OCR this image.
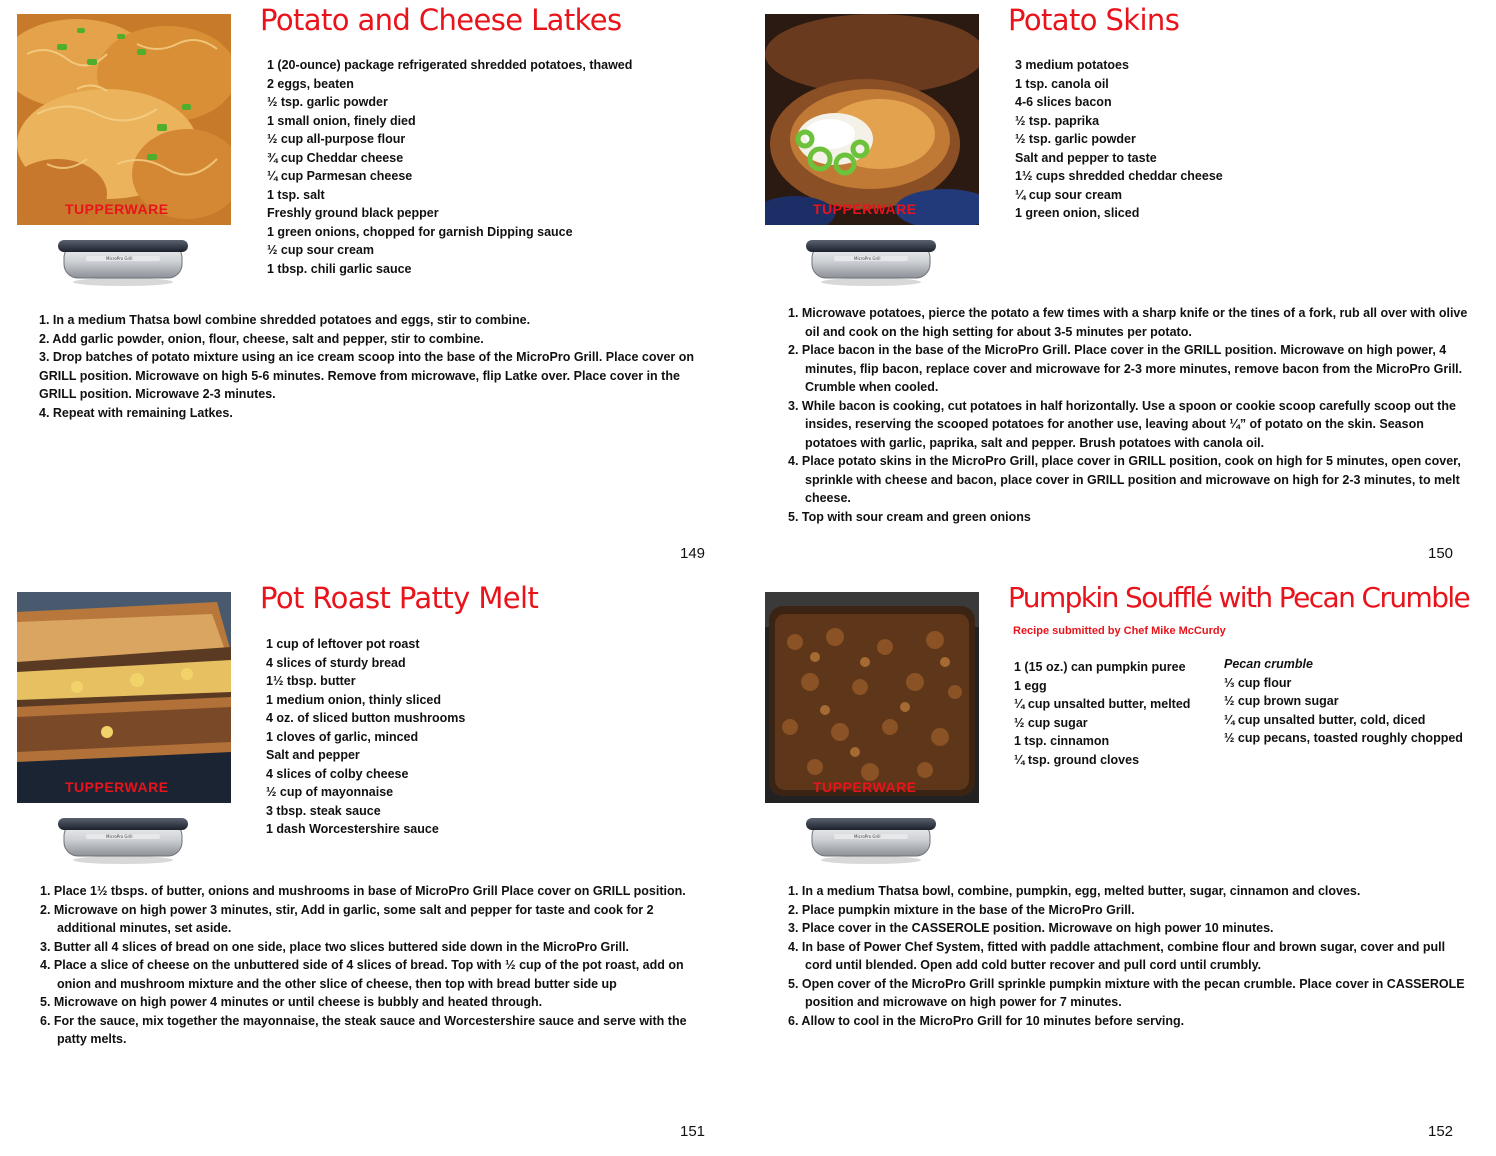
TUPPERWARE
Potato and Cheese Latkes
1 (20-ounce) package refrigerated shredded potatoes, thawed
2 eggs, beaten
½ tsp. garlic powder
1 small onion, finely died
½ cup all-purpose flour
¾ cup Cheddar cheese
¼ cup Parmesan cheese
1 tsp. salt
Freshly ground black pepper
1 green onions, chopped for garnish Dipping sauce
½ cup sour cream
1 tbsp. chili garlic sauce
1. In a medium Thatsa bowl combine shredded potatoes and eggs, stir to combine.
2. Add garlic powder, onion, flour, cheese, salt and pepper, stir to combine.
3. Drop batches of potato mixture using an ice cream scoop into the base of the MicroPro Grill. Place cover on GRILL position. Microwave on high 5-6 minutes. Remove from microwave, flip Latke over. Place cover in the
GRILL position. Microwave 2-3 minutes.
4. Repeat with remaining Latkes.
149
TUPPERWARE
Potato Skins
3 medium potatoes
1 tsp. canola oil
4-6 slices bacon
½ tsp. paprika
½ tsp. garlic powder
Salt and pepper to taste
1½ cups shredded cheddar cheese
¼ cup sour cream
1 green onion, sliced
1. Microwave potatoes, pierce the potato a few times with a sharp knife or the tines of a fork, rub all over with olive oil and cook on the high setting for about 3-5 minutes per potato.
2. Place bacon in the base of the MicroPro Grill. Place cover in the GRILL position. Microwave on high power, 4 minutes, flip bacon, replace cover and microwave for 2-3 more minutes, remove bacon from the MicroPro Grill. Crumble when cooled.
3. While bacon is cooking, cut potatoes in half horizontally. Use a spoon or cookie scoop carefully scoop out the insides, reserving the scooped potatoes for another use, leaving about ¼” of potato on the skin. Season potatoes with garlic, paprika, salt and pepper. Brush potatoes with canola oil.
4. Place potato skins in the MicroPro Grill, place cover in GRILL position, cook on high for 5 minutes, open cover, sprinkle with cheese and bacon, place cover in GRILL position and microwave on high for 2-3 minutes, to melt cheese.
5. Top with sour cream and green onions
150
TUPPERWARE
Pot Roast Patty Melt
1 cup of leftover pot roast
4 slices of sturdy bread
1½ tbsp. butter
1 medium onion, thinly sliced
4 oz. of sliced button mushrooms
1 cloves of garlic, minced
Salt and pepper
4 slices of colby cheese
½ cup of mayonnaise
3 tbsp. steak sauce
1 dash Worcestershire sauce
1. Place 1½ tbsps. of butter, onions and mushrooms in base of MicroPro Grill Place cover on GRILL position.
2. Microwave on high power 3 minutes, stir, Add in garlic, some salt and pepper for taste and cook for 2 additional minutes, set aside.
3. Butter all 4 slices of bread on one side, place two slices buttered side down in the MicroPro Grill.
4. Place a slice of cheese on the unbuttered side of 4 slices of bread. Top with ½ cup of the pot roast, add on onion and mushroom mixture and the other slice of cheese, then top with bread butter side up
5. Microwave on high power 4 minutes or until cheese is bubbly and heated through.
6. For the sauce, mix together the mayonnaise, the steak sauce and Worcestershire sauce and serve with the patty melts.
151
TUPPERWARE
Pumpkin Soufflé with Pecan Crumble
Recipe submitted by Chef Mike McCurdy
1 (15 oz.) can pumpkin puree
1 egg
¼ cup unsalted butter, melted
½ cup sugar
1 tsp. cinnamon
¼ tsp. ground cloves
Pecan crumble
⅓ cup flour
½ cup brown sugar
¼ cup unsalted butter, cold, diced
½ cup pecans, toasted roughly chopped
1. In a medium Thatsa bowl, combine, pumpkin, egg, melted butter, sugar, cinnamon and cloves.
2. Place pumpkin mixture in the base of the MicroPro Grill.
3. Place cover in the CASSEROLE position. Microwave on high power 10 minutes.
4. In base of Power Chef System, fitted with paddle attachment, combine flour and brown sugar, cover and pull cord until blended. Open add cold butter recover and pull cord until crumbly.
5. Open cover of the MicroPro Grill sprinkle pumpkin mixture with the pecan crumble. Place cover in CASSEROLE position and microwave on high power for 7 minutes.
6. Allow to cool in the MicroPro Grill for 10 minutes before serving.
152
